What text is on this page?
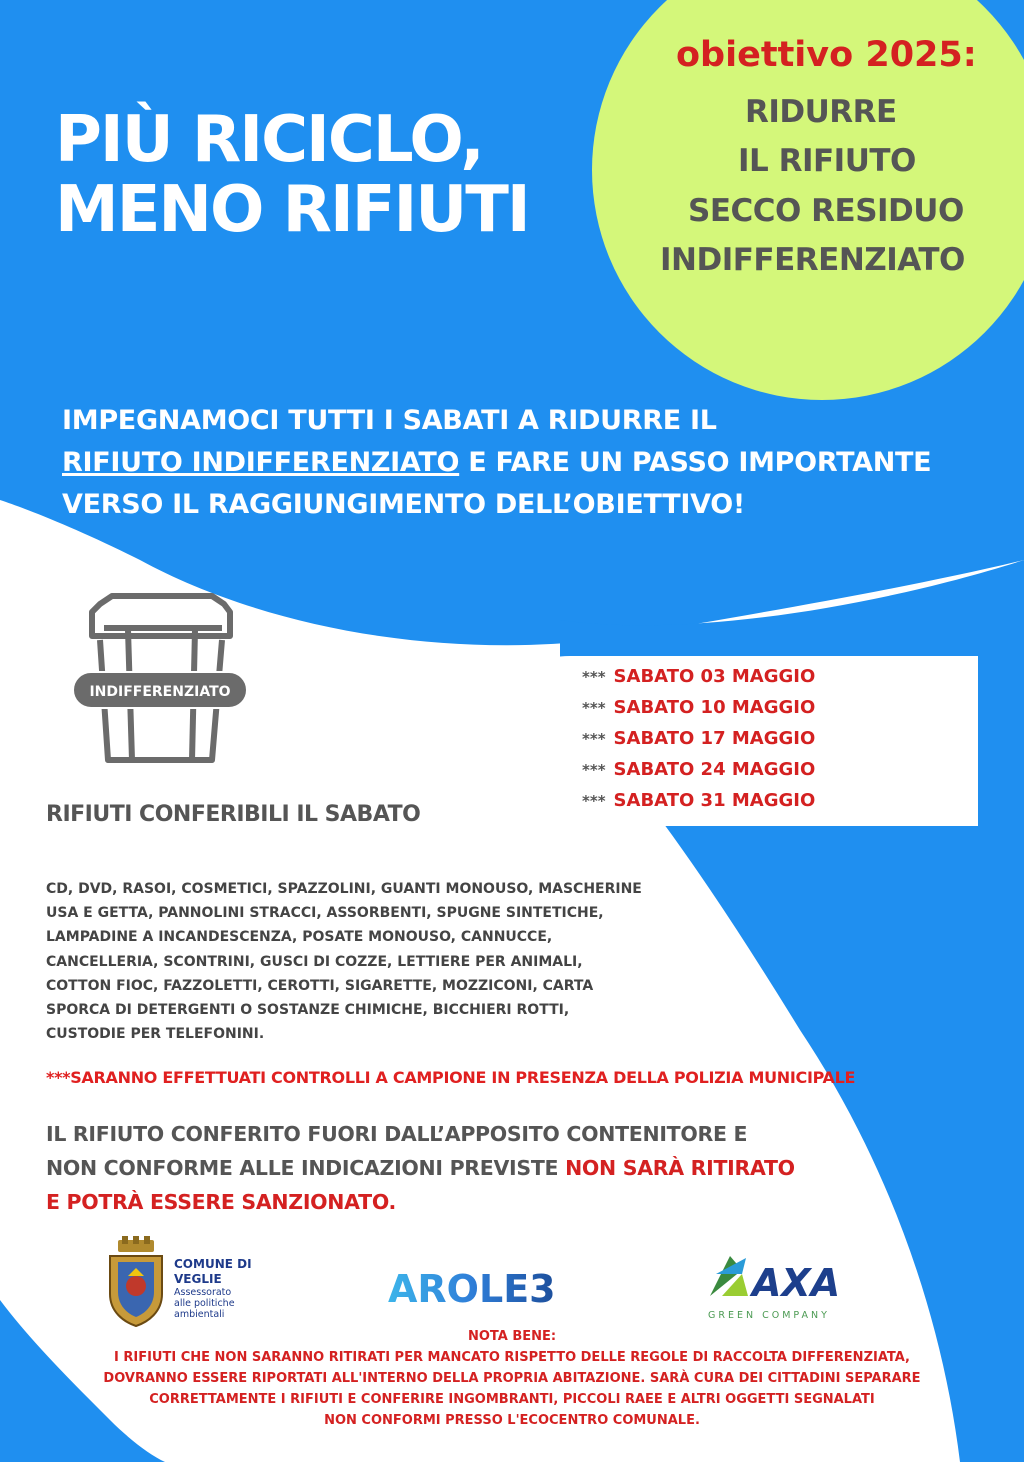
PIÙ RICICLO,
MENO RIFIUTI
obiettivo 2025:
RIDURRE
IL RIFIUTO
SECCO RESIDUO
INDIFFERENZIATO
IMPEGNAMOCI TUTTI I SABATI A RIDURRE IL
RIFIUTO INDIFFERENZIATO E FARE UN PASSO IMPORTANTE
VERSO IL RAGGIUNGIMENTO DELL’OBIETTIVO!
INDIFFERENZIATO
*** SABATO 03 MAGGIO
*** SABATO 10 MAGGIO
*** SABATO 17 MAGGIO
*** SABATO 24 MAGGIO
*** SABATO 31 MAGGIO
RIFIUTI CONFERIBILI IL SABATO
CD, DVD, RASOI, COSMETICI, SPAZZOLINI, GUANTI MONOUSO, MASCHERINE
USA E GETTA, PANNOLINI STRACCI, ASSORBENTI, SPUGNE SINTETICHE,
LAMPADINE A INCANDESCENZA, POSATE MONOUSO, CANNUCCE,
CANCELLERIA, SCONTRINI, GUSCI DI COZZE, LETTIERE PER ANIMALI,
COTTON FIOC, FAZZOLETTI, CEROTTI, SIGARETTE, MOZZICONI, CARTA
SPORCA DI DETERGENTI O SOSTANZE CHIMICHE, BICCHIERI ROTTI,
CUSTODIE PER TELEFONINI.
***SARANNO EFFETTUATI CONTROLLI A CAMPIONE IN PRESENZA DELLA POLIZIA MUNICIPALE
IL RIFIUTO CONFERITO FUORI DALL’APPOSITO CONTENITORE E
NON CONFORME ALLE INDICAZIONI PREVISTE NON SARÀ RITIRATO
E POTRÀ ESSERE SANZIONATO.
COMUNE DI
VEGLIE
Assessorato
alle politiche
ambientali
AROLE3	AXA
GREEN COMPANY
NOTA BENE:
I RIFIUTI CHE NON SARANNO RITIRATI PER MANCATO RISPETTO DELLE REGOLE DI RACCOLTA DIFFERENZIATA,
DOVRANNO ESSERE RIPORTATI ALL'INTERNO DELLA PROPRIA ABITAZIONE. SARÀ CURA DEI CITTADINI SEPARARE
CORRETTAMENTE I RIFIUTI E CONFERIRE INGOMBRANTI, PICCOLI RAEE E ALTRI OGGETTI SEGNALATI
NON CONFORMI PRESSO L'ECOCENTRO COMUNALE.
